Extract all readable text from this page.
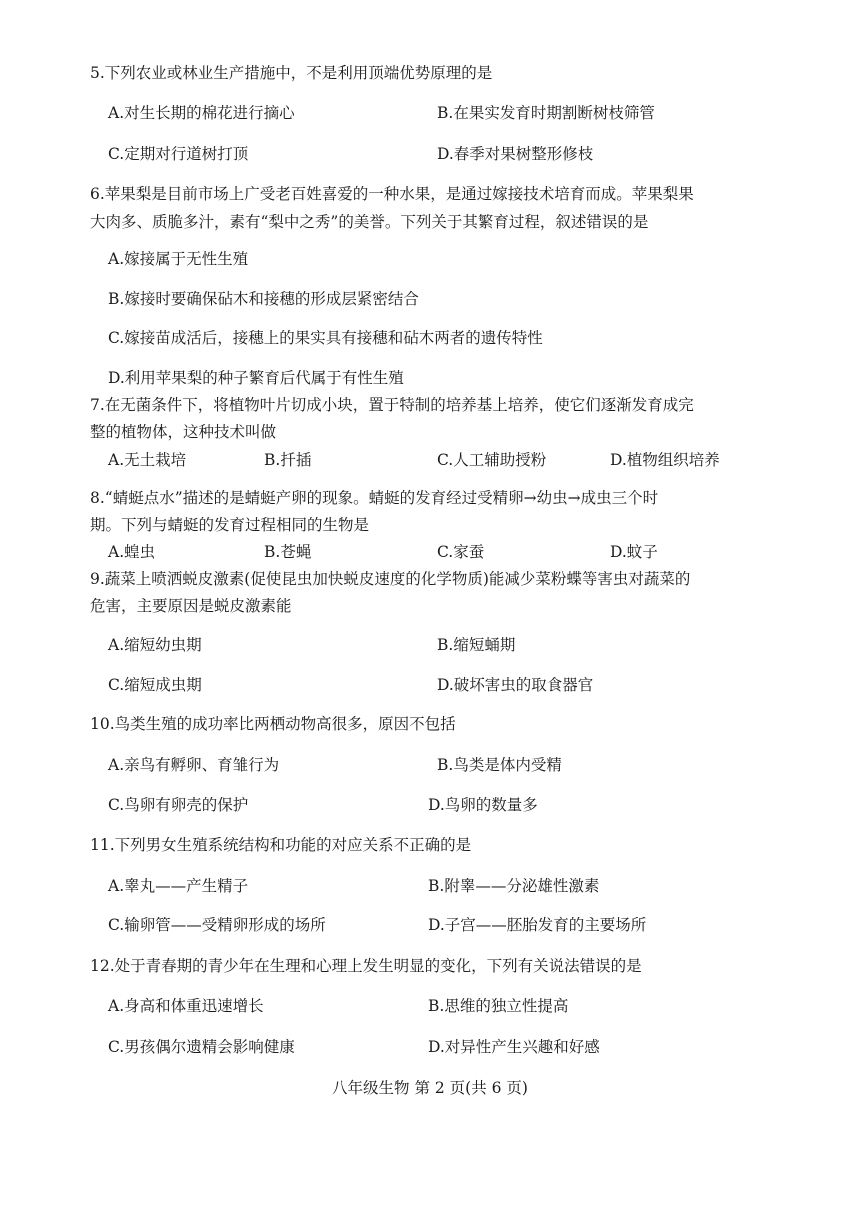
5.下列农业或林业生产措施中，不是利用顶端优势原理的是
A.对生长期的棉花进行摘心	B.在果实发育时期割断树枝筛管
C.定期对行道树打顶	D.春季对果树整形修枝
6.苹果梨是目前市场上广受老百姓喜爱的一种水果，是通过嫁接技术培育而成。苹果梨果
大肉多、质脆多汁，素有“梨中之秀”的美誉。下列关于其繁育过程，叙述错误的是
A.嫁接属于无性生殖
B.嫁接时要确保砧木和接穗的形成层紧密结合
C.嫁接苗成活后，接穗上的果实具有接穗和砧木两者的遗传特性
D.利用苹果梨的种子繁育后代属于有性生殖
7.在无菌条件下，将植物叶片切成小块，置于特制的培养基上培养，使它们逐渐发育成完
整的植物体，这种技术叫做
A.无土栽培	B.扦插	C.人工辅助授粉	D.植物组织培养
8.“蜻蜓点水”描述的是蜻蜓产卵的现象。蜻蜓的发育经过受精卵→幼虫→成虫三个时
期。下列与蜻蜓的发育过程相同的生物是
A.蝗虫	B.苍蝇	C.家蚕	D.蚊子
9.蔬菜上喷洒蜕皮激素(促使昆虫加快蜕皮速度的化学物质)能减少菜粉蝶等害虫对蔬菜的
危害，主要原因是蜕皮激素能
A.缩短幼虫期	B.缩短蛹期
C.缩短成虫期	D.破坏害虫的取食器官
10.鸟类生殖的成功率比两栖动物高很多，原因不包括
A.亲鸟有孵卵、育雏行为	B.鸟类是体内受精
C.鸟卵有卵壳的保护	D.鸟卵的数量多
11.下列男女生殖系统结构和功能的对应关系不正确的是
A.睾丸——产生精子	B.附睾——分泌雄性激素
C.输卵管——受精卵形成的场所	D.子宫——胚胎发育的主要场所
12.处于青春期的青少年在生理和心理上发生明显的变化，下列有关说法错误的是
A.身高和体重迅速增长	B.思维的独立性提高
C.男孩偶尔遗精会影响健康	D.对异性产生兴趣和好感
八年级生物 第 2 页(共 6 页)
